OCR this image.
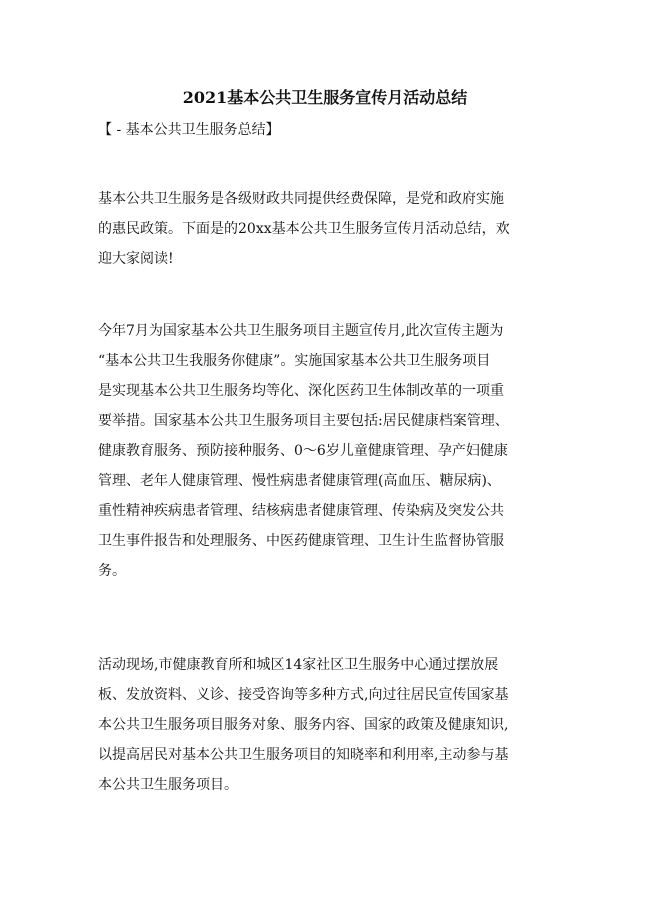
2021基本公共卫生服务宣传月活动总结

【 - 基本公共卫生服务总结】

基本公共卫生服务是各级财政共同提供经费保障，是党和政府实施
的惠民政策。下面是的20xx基本公共卫生服务宣传月活动总结，欢
迎大家阅读!
今年7月为国家基本公共卫生服务项目主题宣传月,此次宣传主题为
“基本公共卫生我服务你健康”。实施国家基本公共卫生服务项目
是实现基本公共卫生服务均等化、深化医药卫生体制改革的一项重
要举措。国家基本公共卫生服务项目主要包括:居民健康档案管理、
健康教育服务、预防接种服务、0～6岁儿童健康管理、孕产妇健康
管理、老年人健康管理、慢性病患者健康管理(高血压、糖尿病)、
重性精神疾病患者管理、结核病患者健康管理、传染病及突发公共
卫生事件报告和处理服务、中医药健康管理、卫生计生监督协管服
务。
活动现场,市健康教育所和城区14家社区卫生服务中心通过摆放展
板、发放资料、义诊、接受咨询等多种方式,向过往居民宣传国家基
本公共卫生服务项目服务对象、服务内容、国家的政策及健康知识,
以提高居民对基本公共卫生服务项目的知晓率和利用率,主动参与基
本公共卫生服务项目。
